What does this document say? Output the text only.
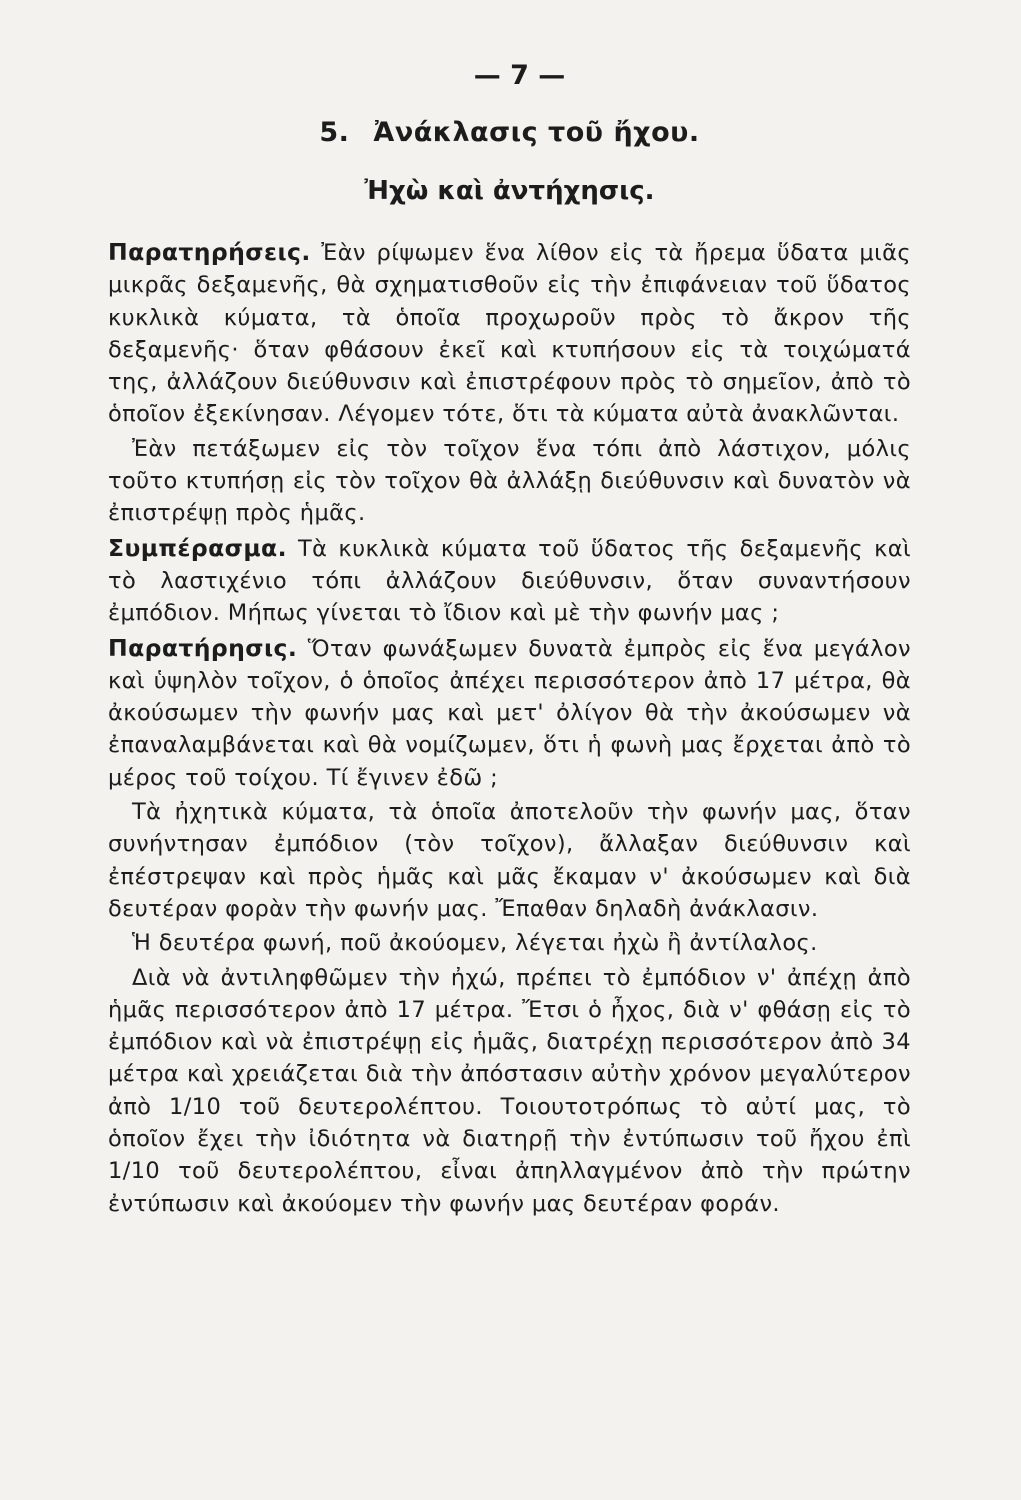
— 7 —
5. Ἀνάκλασις τοῦ ἤχου.
Ἠχὼ καὶ ἀντήχησις.

Παρατηρήσεις. Ἐὰν ρίψωμεν ἕνα λίθον εἰς τὰ ἤρεμα ὕδατα μιᾶς μικρᾶς δεξαμενῆς, θὰ σχηματισθοῦν εἰς τὴν ἐπιφάνειαν τοῦ ὕδατος κυκλικὰ κύματα, τὰ ὁποῖα προχωροῦν πρὸς τὸ ἄκρον τῆς δεξαμενῆς· ὅταν φθάσουν ἐκεῖ καὶ κτυπήσουν εἰς τὰ τοιχώματά της, ἀλλάζουν διεύθυνσιν καὶ ἐπιστρέφουν πρὸς τὸ σημεῖον, ἀπὸ τὸ ὁποῖον ἐξεκίνησαν. Λέγομεν τότε, ὅτι τὰ κύματα αὐτὰ ἀνακλῶνται.

Ἐὰν πετάξωμεν εἰς τὸν τοῖχον ἕνα τόπι ἀπὸ λάστιχον, μόλις τοῦτο κτυπήσῃ εἰς τὸν τοῖχον θὰ ἀλλάξῃ διεύθυνσιν καὶ δυνατὸν νὰ ἐπιστρέψῃ πρὸς ἡμᾶς.

Συμπέρασμα. Τὰ κυκλικὰ κύματα τοῦ ὕδατος τῆς δεξαμενῆς καὶ τὸ λαστιχένιο τόπι ἀλλάζουν διεύθυνσιν, ὅταν συναντήσουν ἐμπόδιον. Μήπως γίνεται τὸ ἴδιον καὶ μὲ τὴν φωνήν μας ;

Παρατήρησις. Ὅταν φωνάξωμεν δυνατὰ ἐμπρὸς εἰς ἕνα μεγάλον καὶ ὑψηλὸν τοῖχον, ὁ ὁποῖος ἀπέχει περισσότερον ἀπὸ 17 μέτρα, θὰ ἀκούσωμεν τὴν φωνήν μας καὶ μετ' ὀλίγον θὰ τὴν ἀκούσωμεν νὰ ἐπαναλαμβάνεται καὶ θὰ νομίζωμεν, ὅτι ἡ φωνὴ μας ἔρχεται ἀπὸ τὸ μέρος τοῦ τοίχου. Τί ἔγινεν ἐδῶ ;

Τὰ ἠχητικὰ κύματα, τὰ ὁποῖα ἀποτελοῦν τὴν φωνήν μας, ὅταν συνήντησαν ἐμπόδιον (τὸν τοῖχον), ἄλλαξαν διεύθυνσιν καὶ ἐπέστρεψαν καὶ πρὸς ἡμᾶς καὶ μᾶς ἔκαμαν ν' ἀκούσωμεν καὶ διὰ δευτέραν φορὰν τὴν φωνήν μας. Ἔπαθαν δηλαδὴ ἀνάκλασιν.

Ἡ δευτέρα φωνή, ποῦ ἀκούομεν, λέγεται ἠχὼ ἢ ἀντίλαλος.

Διὰ νὰ ἀντιληφθῶμεν τὴν ἠχώ, πρέπει τὸ ἐμπόδιον ν' ἀπέχῃ ἀπὸ ἡμᾶς περισσότερον ἀπὸ 17 μέτρα. Ἔτσι ὁ ἦχος, διὰ ν' φθάσῃ εἰς τὸ ἐμπόδιον καὶ νὰ ἐπιστρέψῃ εἰς ἡμᾶς, διατρέχῃ περισσότερον ἀπὸ 34 μέτρα καὶ χρειάζεται διὰ τὴν ἀπόστασιν αὐτὴν χρόνον μεγαλύτερον ἀπὸ 1/10 τοῦ δευτερολέπτου. Τοιουτοτρόπως τὸ αὐτί μας, τὸ ὁποῖον ἔχει τὴν ἰδιότητα νὰ διατηρῇ τὴν ἐντύπωσιν τοῦ ἤχου ἐπὶ 1/10 τοῦ δευτερολέπτου, εἶναι ἀπηλλαγμένον ἀπὸ τὴν πρώτην ἐντύπωσιν καὶ ἀκούομεν τὴν φωνήν μας δευτέραν φοράν.
